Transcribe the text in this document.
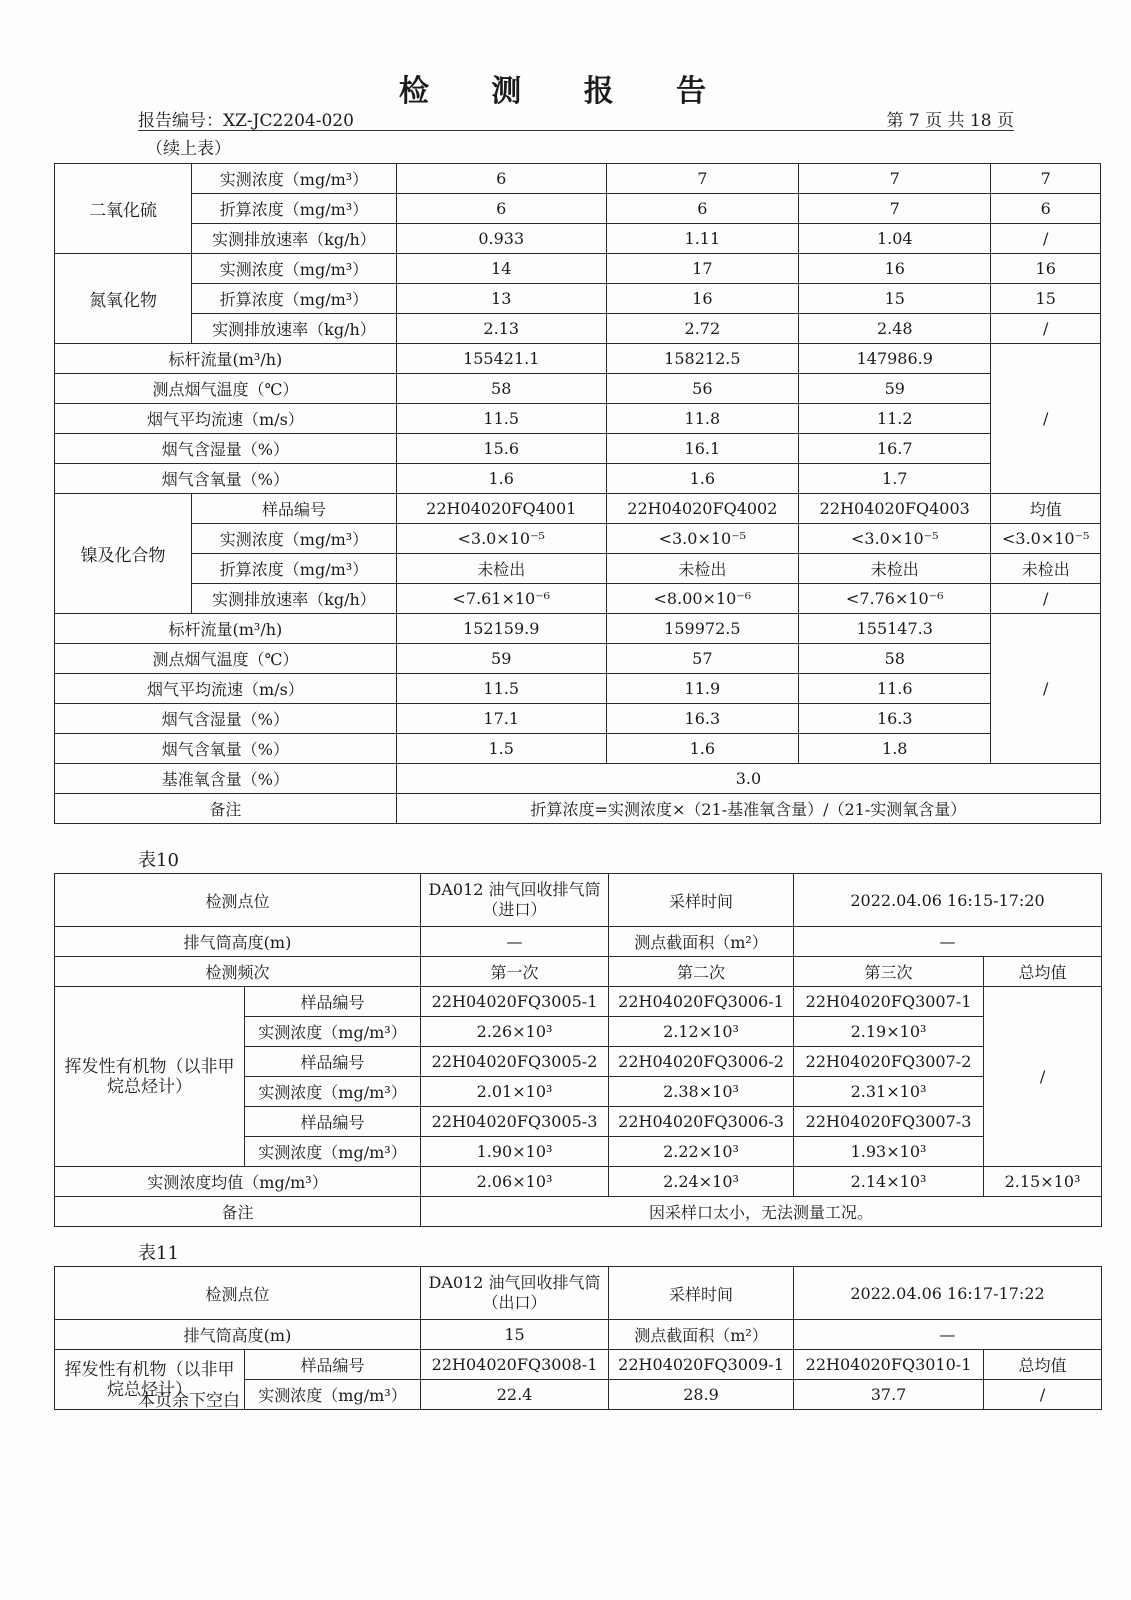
检 测 报 告
报告编号：XZ-JC2204-020	第 7 页 共 18 页
（续上表）
二氧化硫	实测浓度（mg/m³）	6	7	7	7
	折算浓度（mg/m³）	6	6	7	6
	实测排放速率（kg/h）	0.933	1.11	1.04	/
氮氧化物	实测浓度（mg/m³）	14	17	16	16
	折算浓度（mg/m³）	13	16	15	15
	实测排放速率（kg/h）	2.13	2.72	2.48	/
标杆流量(m³/h)		155421.1	158212.5	147986.9	/
测点烟气温度（℃）		58	56	59	
烟气平均流速（m/s）		11.5	11.8	11.2	
烟气含湿量（%）		15.6	16.1	16.7	
烟气含氧量（%）		1.6	1.6	1.7	
镍及化合物	样品编号	22H04020FQ4001	22H04020FQ4002	22H04020FQ4003	均值
	实测浓度（mg/m³）	<3.0×10⁻⁵	<3.0×10⁻⁵	<3.0×10⁻⁵	<3.0×10⁻⁵
	折算浓度（mg/m³）	未检出	未检出	未检出	未检出
	实测排放速率（kg/h）	<7.61×10⁻⁶	<8.00×10⁻⁶	<7.76×10⁻⁶	/
标杆流量(m³/h)		152159.9	159972.5	155147.3	/
测点烟气温度（℃）		59	57	58	
烟气平均流速（m/s）		11.5	11.9	11.6	
烟气含湿量（%）		17.1	16.3	16.3	
烟气含氧量（%）		1.5	1.6	1.8	
基准氧含量（%）		3.0			
备注		折算浓度=实测浓度×（21-基准氧含量）/（21-实测氧含量）			
表10
检测点位		DA012 油气回收排气筒（进口）	采样时间	2022.04.06 16:15-17:20	
排气筒高度(m)		—	测点截面积（m²）	—	
检测频次		第一次	第二次	第三次	总均值
挥发性有机物（以非甲烷总烃计）	样品编号	22H04020FQ3005-1	22H04020FQ3006-1	22H04020FQ3007-1	/
	实测浓度（mg/m³）	2.26×10³	2.12×10³	2.19×10³	
	样品编号	22H04020FQ3005-2	22H04020FQ3006-2	22H04020FQ3007-2	
	实测浓度（mg/m³）	2.01×10³	2.38×10³	2.31×10³	
	样品编号	22H04020FQ3005-3	22H04020FQ3006-3	22H04020FQ3007-3	
	实测浓度（mg/m³）	1.90×10³	2.22×10³	1.93×10³	
实测浓度均值（mg/m³）		2.06×10³	2.24×10³	2.14×10³	2.15×10³
备注		因采样口太小，无法测量工况。			
表11
检测点位		DA012 油气回收排气筒（出口）	采样时间	2022.04.06 16:17-17:22	
排气筒高度(m)		15	测点截面积（m²）	—	
挥发性有机物（以非甲烷总烃计）	样品编号	22H04020FQ3008-1	22H04020FQ3009-1	22H04020FQ3010-1	总均值
	实测浓度（mg/m³）	22.4	28.9	37.7	/
本页余下空白
